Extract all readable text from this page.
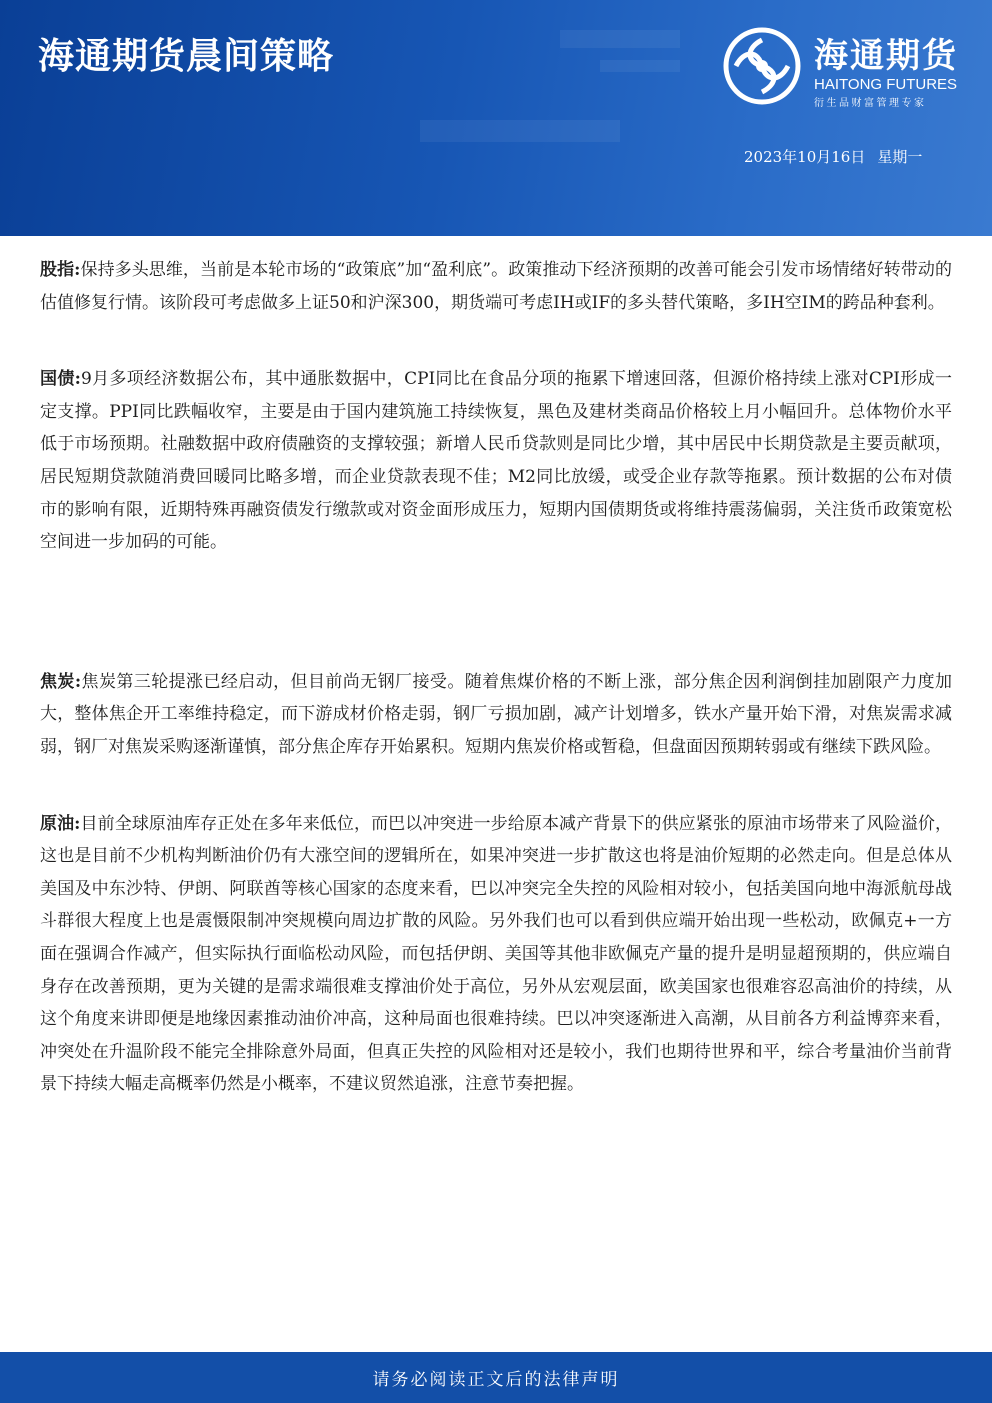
海通期货晨间策略	海通期货
HAITONG FUTURES
衍生品财富管理专家
2023年10月16日 星期一

股指:保持多头思维，当前是本轮市场的“政策底”加“盈利底”。政策推动下经济预期的改善可能会引发市场情绪好转带动的估值修复行情。该阶段可考虑做多上证50和沪深300，期货端可考虑IH或IF的多头替代策略，多IH空IM的跨品种套利。

国债:9月多项经济数据公布，其中通胀数据中，CPI同比在食品分项的拖累下增速回落，但源价格持续上涨对CPI形成一定支撑。PPI同比跌幅收窄，主要是由于国内建筑施工持续恢复，黑色及建材类商品价格较上月小幅回升。总体物价水平低于市场预期。社融数据中政府债融资的支撑较强；新增人民币贷款则是同比少增，其中居民中长期贷款是主要贡献项，居民短期贷款随消费回暖同比略多增，而企业贷款表现不佳；M2同比放缓，或受企业存款等拖累。预计数据的公布对债市的影响有限，近期特殊再融资债发行缴款或对资金面形成压力，短期内国债期货或将维持震荡偏弱，关注货币政策宽松空间进一步加码的可能。

焦炭:焦炭第三轮提涨已经启动，但目前尚无钢厂接受。随着焦煤价格的不断上涨，部分焦企因利润倒挂加剧限产力度加大，整体焦企开工率维持稳定，而下游成材价格走弱，钢厂亏损加剧，减产计划增多，铁水产量开始下滑，对焦炭需求减弱，钢厂对焦炭采购逐渐谨慎，部分焦企库存开始累积。短期内焦炭价格或暂稳，但盘面因预期转弱或有继续下跌风险。

原油:目前全球原油库存正处在多年来低位，而巴以冲突进一步给原本减产背景下的供应紧张的原油市场带来了风险溢价，这也是目前不少机构判断油价仍有大涨空间的逻辑所在，如果冲突进一步扩散这也将是油价短期的必然走向。但是总体从美国及中东沙特、伊朗、阿联酋等核心国家的态度来看，巴以冲突完全失控的风险相对较小，包括美国向地中海派航母战斗群很大程度上也是震慑限制冲突规模向周边扩散的风险。另外我们也可以看到供应端开始出现一些松动，欧佩克+一方面在强调合作减产，但实际执行面临松动风险，而包括伊朗、美国等其他非欧佩克产量的提升是明显超预期的，供应端自身存在改善预期，更为关键的是需求端很难支撑油价处于高位，另外从宏观层面，欧美国家也很难容忍高油价的持续，从这个角度来讲即便是地缘因素推动油价冲高，这种局面也很难持续。巴以冲突逐渐进入高潮，从目前各方利益博弈来看，冲突处在升温阶段不能完全排除意外局面，但真正失控的风险相对还是较小，我们也期待世界和平，综合考量油价当前背景下持续大幅走高概率仍然是小概率，不建议贸然追涨，注意节奏把握。

请务必阅读正文后的法律声明
